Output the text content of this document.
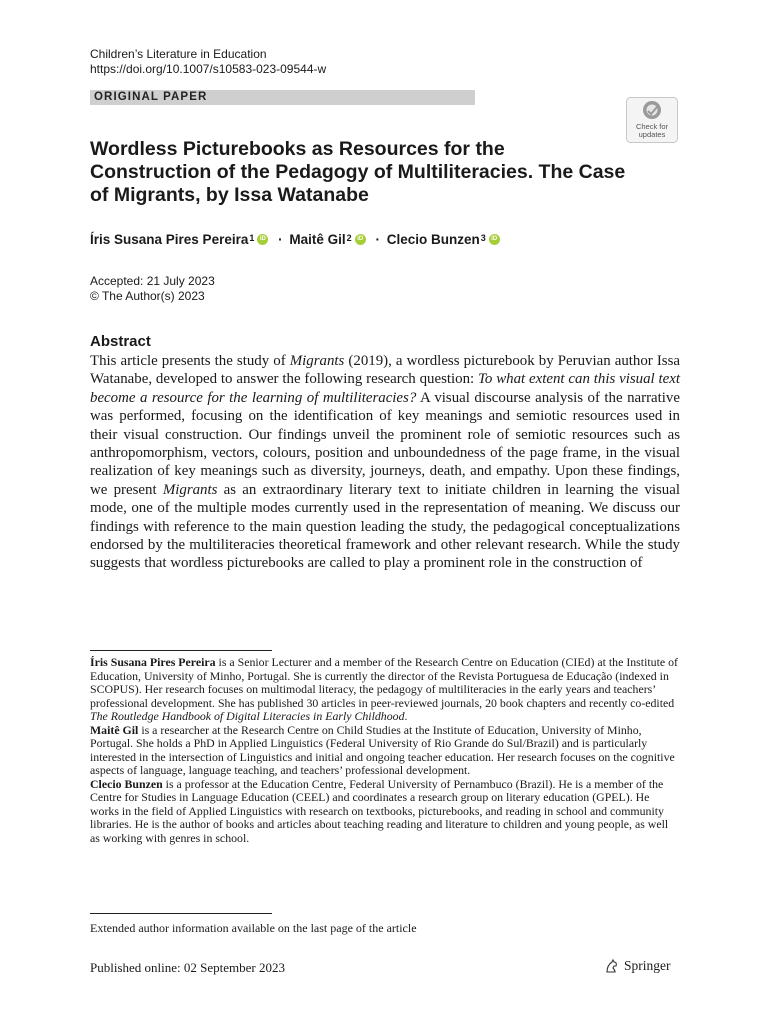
Children’s Literature in Education
https://doi.org/10.1007/s10583-023-09544-w
ORIGINAL PAPER
Check for
updates
Wordless Picturebooks as Resources for the Construction of the Pedagogy of Multiliteracies. The Case of Migrants, by Issa Watanabe
Íris Susana Pires Pereira$^1$ iD · Maitê Gil$^2$ iD · Clecio Bunzen$^3$ iD
Accepted: 21 July 2023
© The Author(s) 2023
Abstract

This article presents the study of Migrants (2019), a wordless picturebook by Peruvian author Issa Watanabe, developed to answer the following research question: To what extent can this visual text become a resource for the learning of multiliteracies? A visual discourse analysis of the narrative was performed, focusing on the identification of key meanings and semiotic resources used in their visual construction. Our findings unveil the prominent role of semiotic resources such as anthropomorphism, vectors, colours, position and unboundedness of the page frame, in the visual realization of key meanings such as diversity, journeys, death, and empathy. Upon these findings, we present Migrants as an extraordinary literary text to initiate children in learning the visual mode, one of the multiple modes currently used in the representation of meaning. We discuss our findings with reference to the main question leading the study, the pedagogical conceptualizations endorsed by the multiliteracies theoretical framework and other relevant research. While the study suggests that wordless picturebooks are called to play a prominent role in the construction of

Íris Susana Pires Pereira is a Senior Lecturer and a member of the Research Centre on Education (CIEd) at the Institute of Education, University of Minho, Portugal. She is currently the director of the Revista Portuguesa de Educação (indexed in SCOPUS). Her research focuses on multimodal literacy, the pedagogy of multiliteracies in the early years and teachers’ professional development. She has published 30 articles in peer-reviewed journals, 20 book chapters and recently co-edited The Routledge Handbook of Digital Literacies in Early Childhood.

Maitê Gil is a researcher at the Research Centre on Child Studies at the Institute of Education, University of Minho, Portugal. She holds a PhD in Applied Linguistics (Federal University of Rio Grande do Sul/Brazil) and is particularly interested in the intersection of Linguistics and initial and ongoing teacher education. Her research focuses on the cognitive aspects of language, language teaching, and teachers’ professional development.

Clecio Bunzen is a professor at the Education Centre, Federal University of Pernambuco (Brazil). He is a member of the Centre for Studies in Language Education (CEEL) and coordinates a research group on literary education (GPEL). He works in the field of Applied Linguistics with research on textbooks, picturebooks, and reading in school and community libraries. He is the author of books and articles about teaching reading and literature to children and young people, as well as working with genres in school.

Extended author information available on the last page of the article
Published online: 02 September 2023	Springer
